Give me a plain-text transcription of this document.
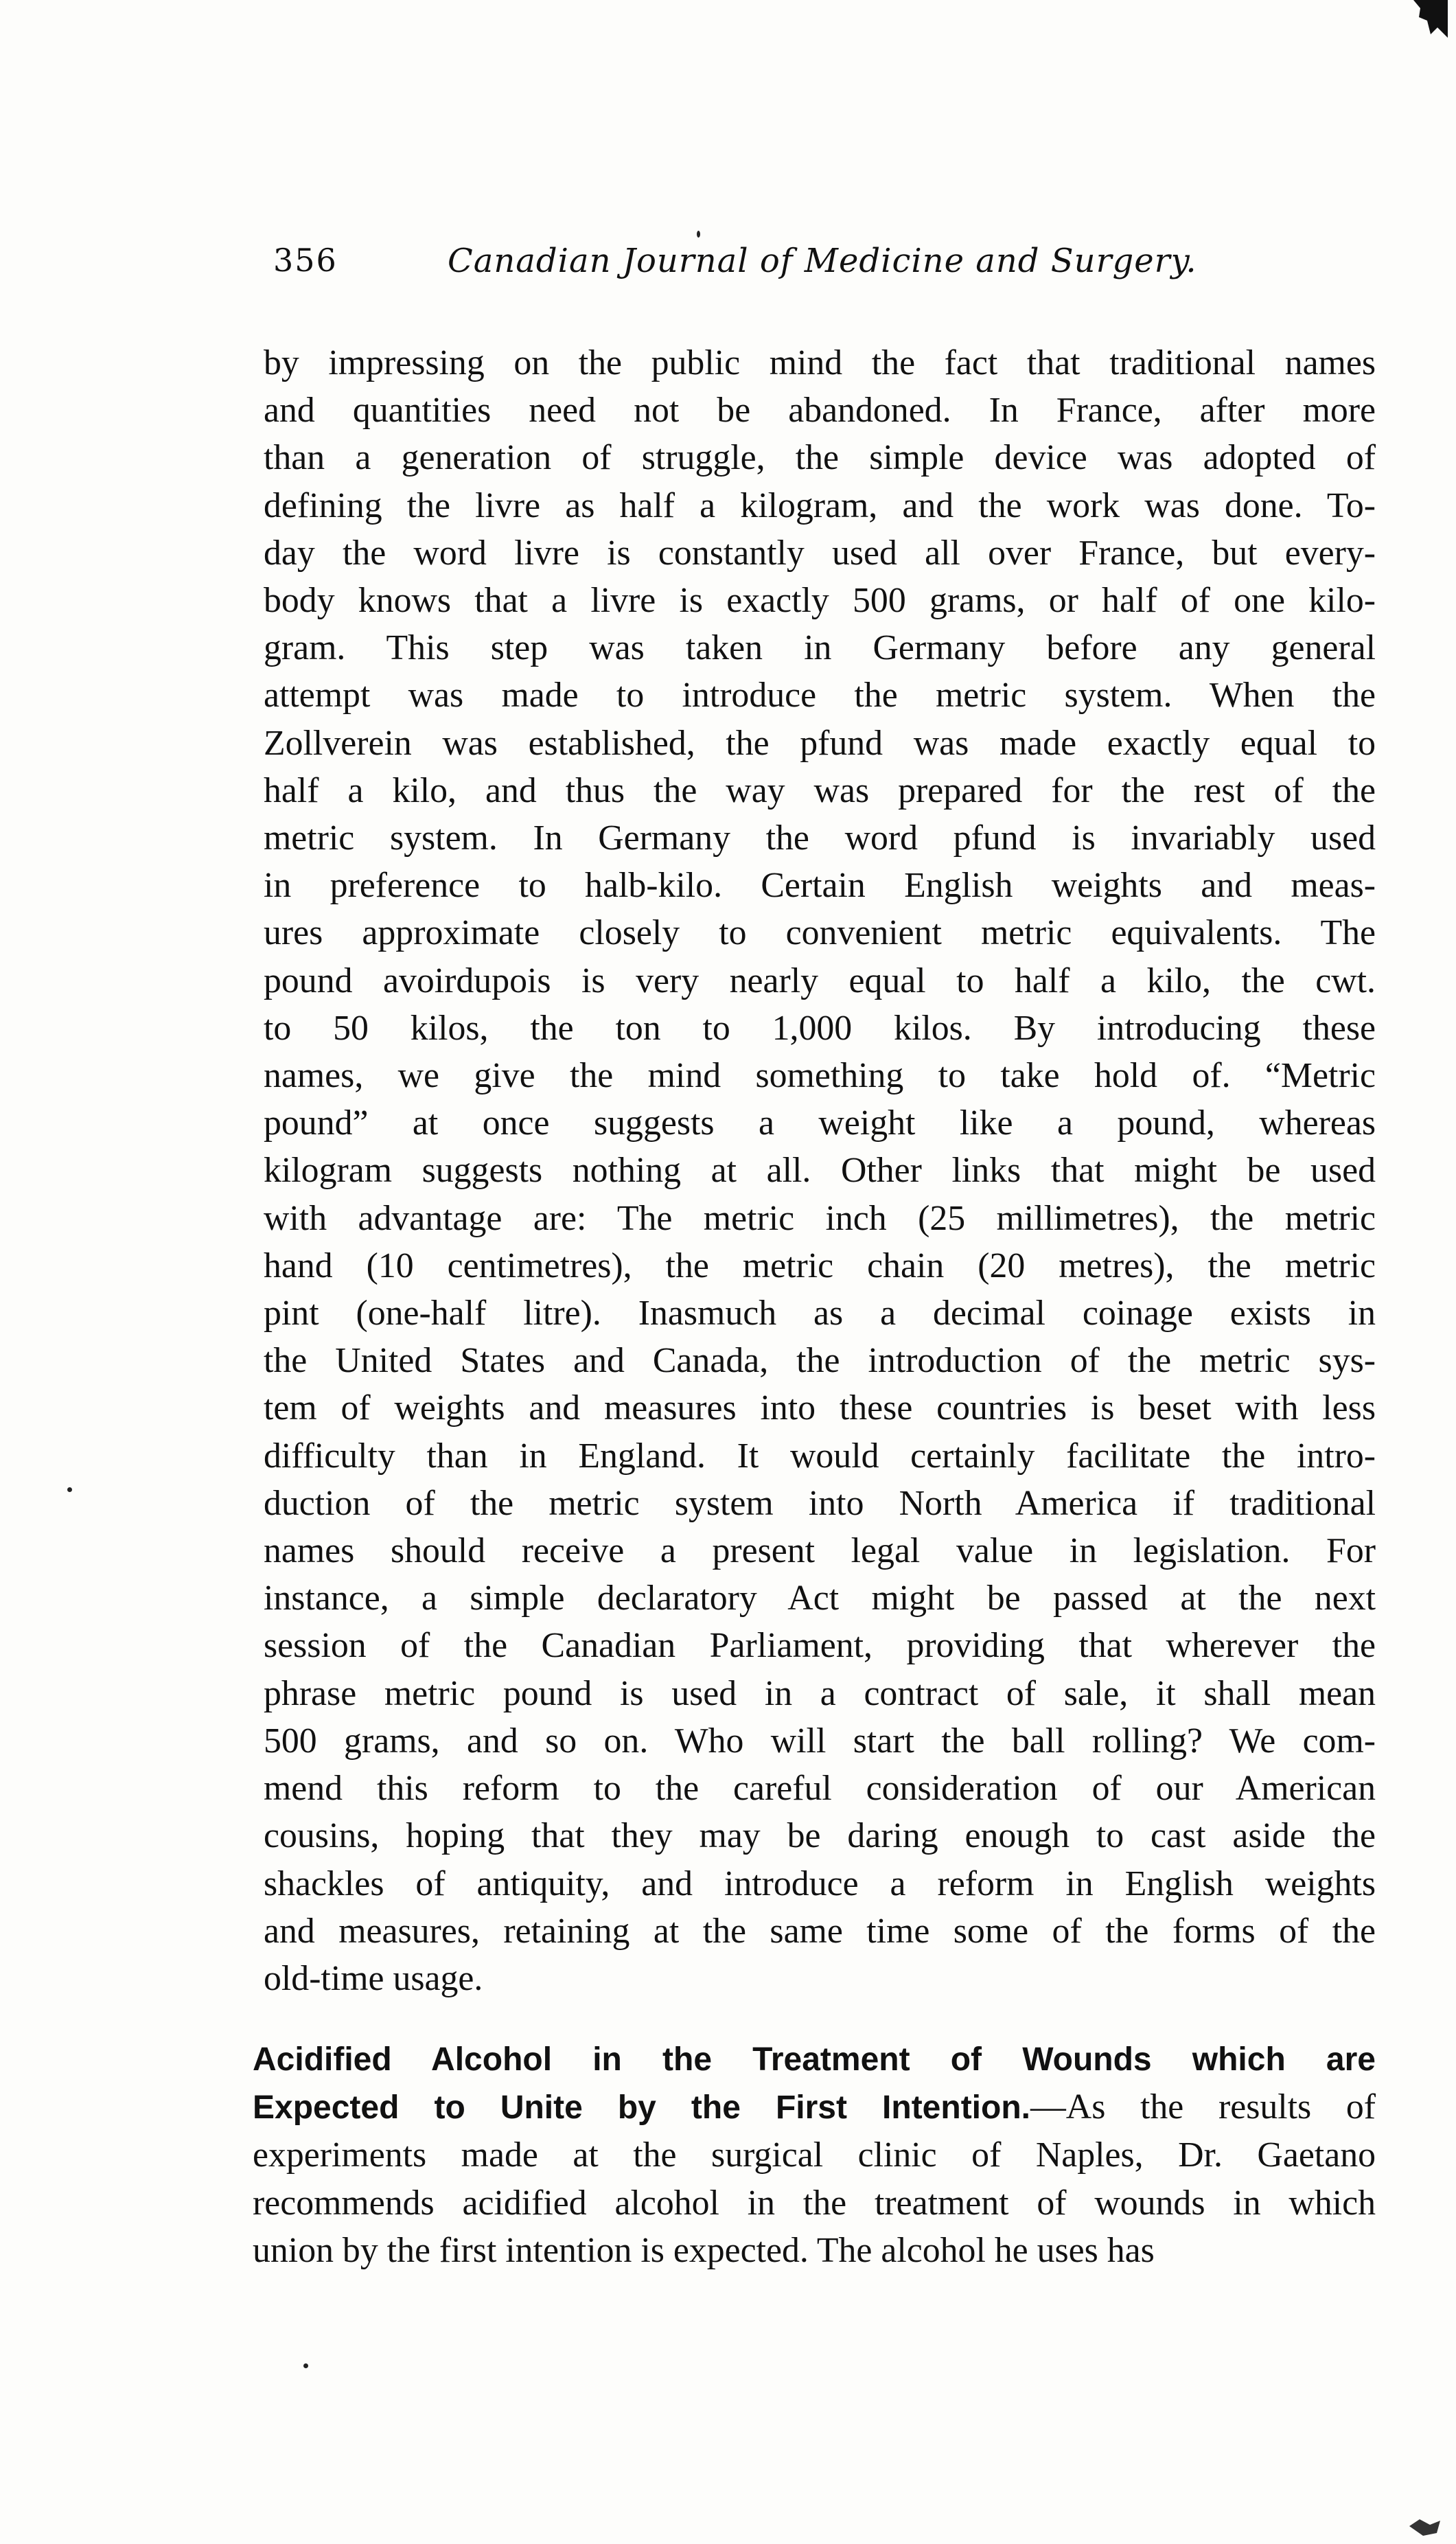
356	Canadian Journal of Medicine and Surgery.
by impressing on the public mind the fact that traditional names
and quantities need not be abandoned. In France, after more
than a generation of struggle, the simple device was adopted of
defining the livre as half a kilogram, and the work was done. To-
day the word livre is constantly used all over France, but every-
body knows that a livre is exactly 500 grams, or half of one kilo-
gram. This step was taken in Germany before any general
attempt was made to introduce the metric system. When the
Zollverein was established, the pfund was made exactly equal to
half a kilo, and thus the way was prepared for the rest of the
metric system. In Germany the word pfund is invariably used
in preference to halb-kilo. Certain English weights and meas-
ures approximate closely to convenient metric equivalents. The
pound avoirdupois is very nearly equal to half a kilo, the cwt.
to 50 kilos, the ton to 1,000 kilos. By introducing these
names, we give the mind something to take hold of. “Metric
pound” at once suggests a weight like a pound, whereas
kilogram suggests nothing at all. Other links that might be used
with advantage are: The metric inch (25 millimetres), the metric
hand (10 centimetres), the metric chain (20 metres), the metric
pint (one-half litre). Inasmuch as a decimal coinage exists in
the United States and Canada, the introduction of the metric sys-
tem of weights and measures into these countries is beset with less
difficulty than in England. It would certainly facilitate the intro-
duction of the metric system into North America if traditional
names should receive a present legal value in legislation. For
instance, a simple declaratory Act might be passed at the next
session of the Canadian Parliament, providing that wherever the
phrase metric pound is used in a contract of sale, it shall mean
500 grams, and so on. Who will start the ball rolling? We com-
mend this reform to the careful consideration of our American
cousins, hoping that they may be daring enough to cast aside the
shackles of antiquity, and introduce a reform in English weights
and measures, retaining at the same time some of the forms of the
old-time usage.
Acidified Alcohol in the Treatment of Wounds which are
Expected to Unite by the First Intention.—As the results of
experiments made at the surgical clinic of Naples, Dr. Gaetano
recommends acidified alcohol in the treatment of wounds in which
union by the first intention is expected. The alcohol he uses has
